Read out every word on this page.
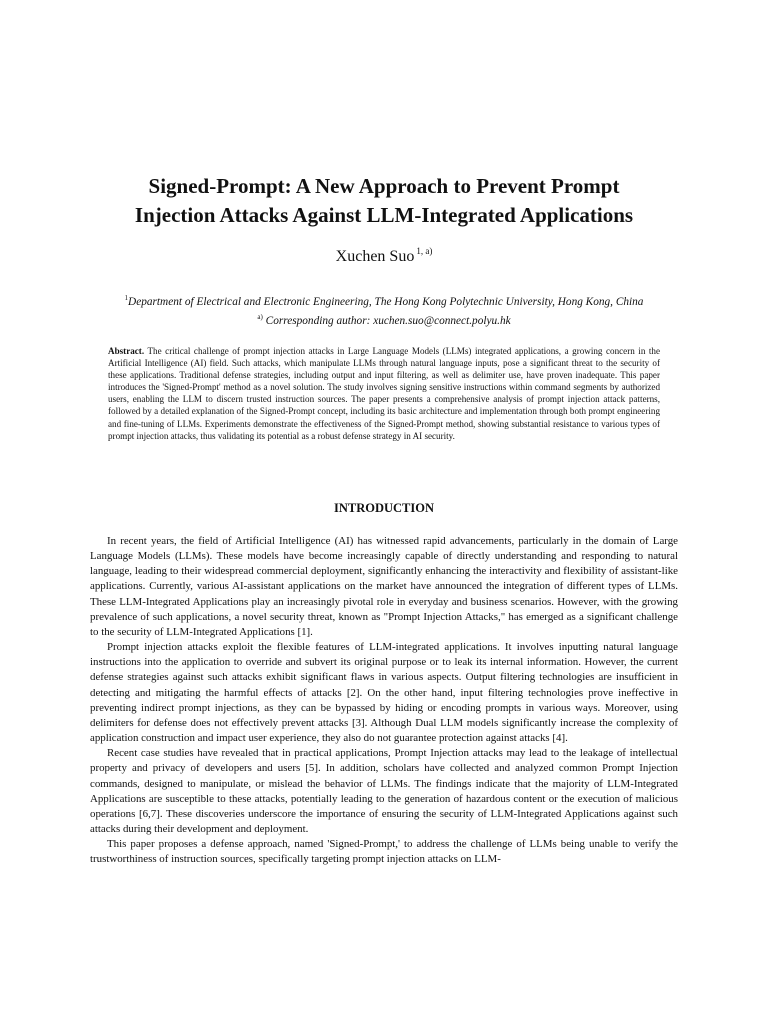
Signed-Prompt: A New Approach to Prevent Prompt
Injection Attacks Against LLM-Integrated Applications
Xuchen Suo $^{1, a)}$
$^1$Department of Electrical and Electronic Engineering, The Hong Kong Polytechnic University, Hong Kong, China
$^{a)}$ Corresponding author: xuchen.suo@connect.polyu.hk

Abstract. The critical challenge of prompt injection attacks in Large Language Models (LLMs) integrated applications, a growing concern in the Artificial Intelligence (AI) field. Such attacks, which manipulate LLMs through natural language inputs, pose a significant threat to the security of these applications. Traditional defense strategies, including output and input filtering, as well as delimiter use, have proven inadequate. This paper introduces the 'Signed-Prompt' method as a novel solution. The study involves signing sensitive instructions within command segments by authorized users, enabling the LLM to discern trusted instruction sources. The paper presents a comprehensive analysis of prompt injection attack patterns, followed by a detailed explanation of the Signed-Prompt concept, including its basic architecture and implementation through both prompt engineering and fine-tuning of LLMs. Experiments demonstrate the effectiveness of the Signed-Prompt method, showing substantial resistance to various types of prompt injection attacks, thus validating its potential as a robust defense strategy in AI security.

INTRODUCTION

In recent years, the field of Artificial Intelligence (AI) has witnessed rapid advancements, particularly in the domain of Large Language Models (LLMs). These models have become increasingly capable of directly understanding and responding to natural language, leading to their widespread commercial deployment, significantly enhancing the interactivity and flexibility of assistant-like applications. Currently, various AI-assistant applications on the market have announced the integration of different types of LLMs. These LLM-Integrated Applications play an increasingly pivotal role in everyday and business scenarios. However, with the growing prevalence of such applications, a novel security threat, known as "Prompt Injection Attacks," has emerged as a significant challenge to the security of LLM-Integrated Applications [1].

Prompt injection attacks exploit the flexible features of LLM-integrated applications. It involves inputting natural language instructions into the application to override and subvert its original purpose or to leak its internal information. However, the current defense strategies against such attacks exhibit significant flaws in various aspects. Output filtering technologies are insufficient in detecting and mitigating the harmful effects of attacks [2]. On the other hand, input filtering technologies prove ineffective in preventing indirect prompt injections, as they can be bypassed by hiding or encoding prompts in various ways. Moreover, using delimiters for defense does not effectively prevent attacks [3]. Although Dual LLM models significantly increase the complexity of application construction and impact user experience, they also do not guarantee protection against attacks [4].

Recent case studies have revealed that in practical applications, Prompt Injection attacks may lead to the leakage of intellectual property and privacy of developers and users [5]. In addition, scholars have collected and analyzed common Prompt Injection commands, designed to manipulate, or mislead the behavior of LLMs. The findings indicate that the majority of LLM-Integrated Applications are susceptible to these attacks, potentially leading to the generation of hazardous content or the execution of malicious operations [6,7]. These discoveries underscore the importance of ensuring the security of LLM-Integrated Applications against such attacks during their development and deployment.

This paper proposes a defense approach, named 'Signed-Prompt,' to address the challenge of LLMs being unable to verify the trustworthiness of instruction sources, specifically targeting prompt injection attacks on LLM-
